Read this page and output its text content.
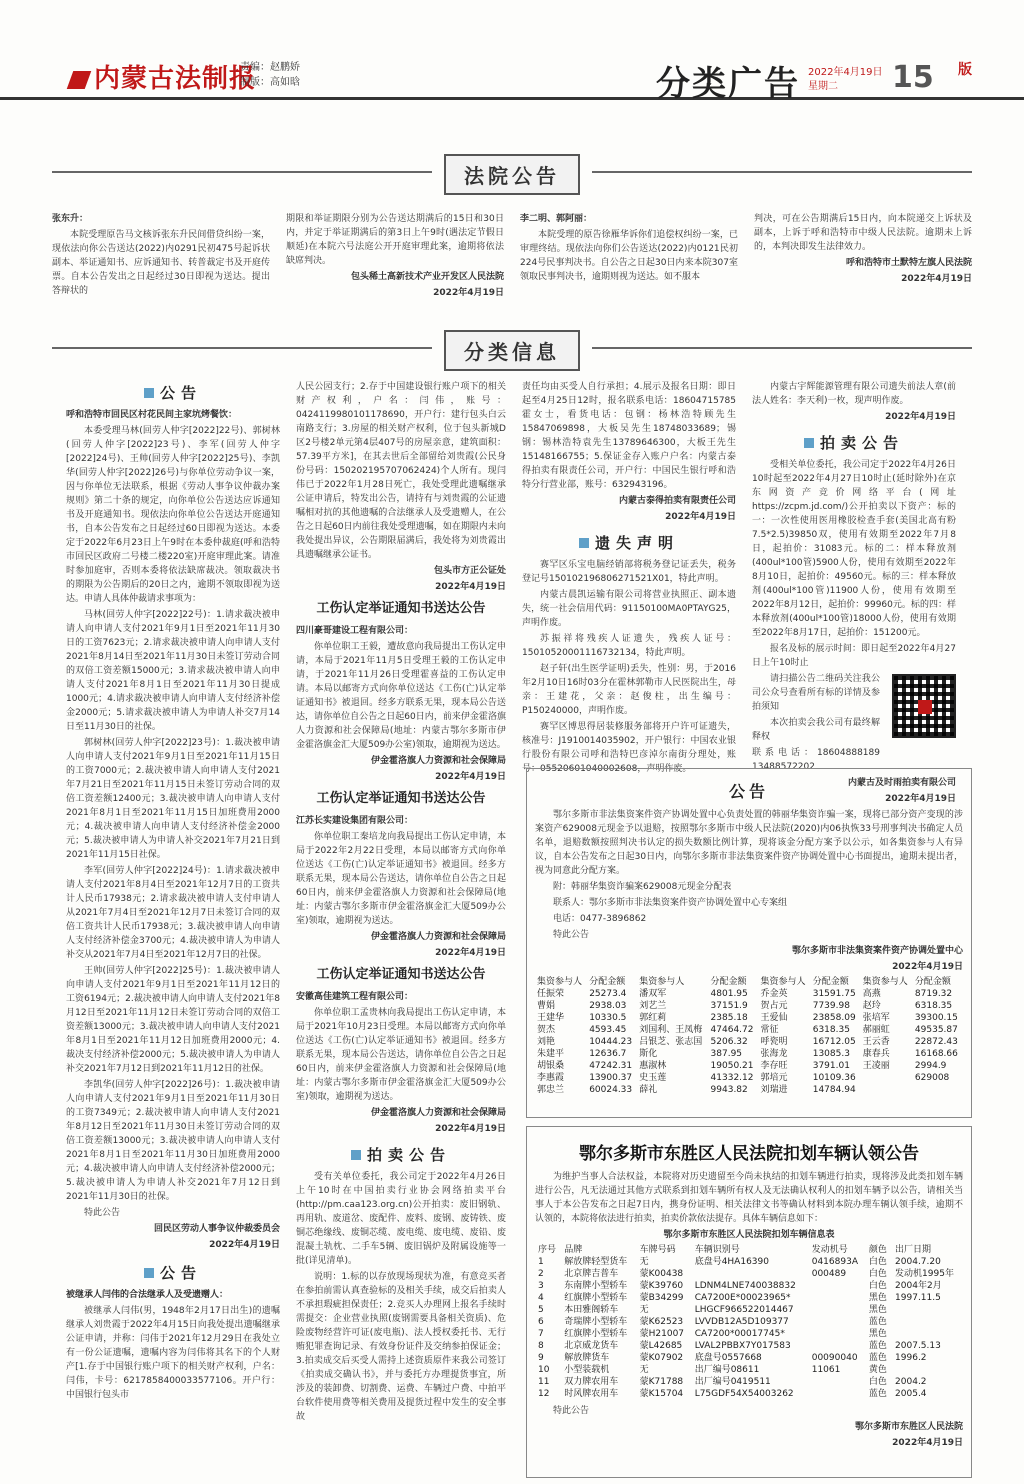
内蒙古法制报
责编：赵鹏娇
制版：高如晗	分类广告 2022年4月19日
星期二	15 版
法院公告

张东升：

本院受理原告马文核诉张东升民间借贷纠纷一案，现依法向你公告送达(2022)内0291民初475号起诉状副本、举证通知书、应诉通知书、转普裁定书及开庭传票。自本公告发出之日起经过30日即视为送达。提出答辩状的

期限和举证期限分别为公告送达期满后的15日和30日内，并定于举证期满后的第3日上午9时(遇法定节假日顺延)在本院六号法庭公开开庭审理此案，逾期将依法缺席判决。

包头稀土高新技术产业开发区人民法院

2022年4月19日

李二明、郭阿丽：

本院受理的原告徐雁华诉你们追偿权纠纷一案，已审理终结。现依法向你们公告送达(2022)内0121民初224号民事判决书。自公告之日起30日内来本院307室领取民事判决书，逾期则视为送达。如不服本

判决，可在公告期满后15日内，向本院递交上诉状及副本，上诉于呼和浩特市中级人民法院。逾期未上诉的，本判决即发生法律效力。

呼和浩特市土默特左旗人民法院

2022年4月19日

分类信息
公告

呼和浩特市回民区村花民间主家坑烤餐饮：

本委受理马林(回劳人仲字[2022]22号)、郭树林(回劳人仲字[2022]23号)、李军(回劳人仲字[2022]24号)、王帅(回劳人仲字[2022]25号)、李凯华(回劳人仲字[2022]26号)与你单位劳动争议一案，因与你单位无法联系，根据《劳动人事争议仲裁办案规则》第二十条的规定，向你单位公告送达应诉通知书及开庭通知书。现依法向你单位公告送达开庭通知书，自本公告发布之日起经过60日即视为送达。本委定于2022年6月23日上午9时在本委仲裁庭(呼和浩特市回民区政府二号楼二楼220室)开庭审理此案。请准时参加庭审，否则本委将依法缺席裁决。领取裁决书的期限为公告期后的20日之内，逾期不领取即视为送达。申请人具体仲裁请求事项为：

马林(回劳人仲字[2022]22号)：1.请求裁决被申请人向申请人支付2021年9月1日至2021年11月30日的工资7623元；2.请求裁决被申请人向申请人支付2021年8月14日至2021年11月30日未签订劳动合同的双倍工资差额15000元；3.请求裁决被申请人向申请人支付2021年8月1日至2021年11月30日提成1000元；4.请求裁决被申请人向申请人支付经济补偿金2000元；5.请求裁决被申请人为申请人补交7月14日至11月30日的社保。

郭树林(回劳人仲字[2022]23号)：1.裁决被申请人向申请人支付2021年9月1日至2021年11月15日的工资7000元；2.裁决被申请人向申请人支付2021年7月21日至2021年11月15日未签订劳动合同的双倍工资差额12400元；3.裁决被申请人向申请人支付2021年8月1日至2021年11月15日加班费用2000元；4.裁决被申请人向申请人支付经济补偿金2000元；5.裁决被申请人为申请人补交2021年7月21日到2021年11月15日社保。

李军(回劳人仲字[2022]24号)：1.请求裁决被申请人支付2021年8月4日至2021年12月7日的工资共计人民币17938元；2.请求裁决被申请人支付申请人从2021年7月4日至2021年12月7日未签订合同的双倍工资共计人民币17938元；3.裁决被申请人向申请人支付经济补偿金3700元；4.裁决被申请人为申请人补交从2021年7月4日至2021年12月7日的社保。

王帅(回劳人仲字[2022]25号)：1.裁决被申请人向申请人支付2021年9月1日至2021年11月12日的工资6194元；2.裁决被申请人向申请人支付2021年8月12日至2021年11月12日未签订劳动合同的双倍工资差额13000元；3.裁决被申请人向申请人支付2021年8月1日至2021年11月12日加班费用2000元；4.裁决支付经济补偿2000元；5.裁决被申请人为申请人补交2021年7月12日到2021年11月12日的社保。

李凯华(回劳人仲字[2022]26号)：1.裁决被申请人向申请人支付2021年9月1日至2021年11月30日的工资7349元；2.裁决被申请人向申请人支付2021年8月12日至2021年11月30日未签订劳动合同的双倍工资差额13000元；3.裁决被申请人向申请人支付2021年8月1日至2021年11月30日加班费用2000元；4.裁决被申请人向申请人支付经济补偿2000元；5.裁决被申请人为申请人补交2021年7月12日到2021年11月30日的社保。

特此公告

回民区劳动人事争议仲裁委员会

2022年4月19日

公告

被继承人闫伟的合法继承人及受遗赠人：

被继承人闫伟(男，1948年2月17日出生)的遗嘱继承人刘贵霞于2022年4月15日向我处提出遗嘱继承公证申请，并称：闫伟于2021年12月29日在我处立有一份公证遗嘱，遗嘱内容为闫伟将其名下的个人财产[1.存于中国银行账户项下的相关财产权利，户名：闫伟，卡号：6217858400033577106。开户行：中国银行包头市

人民公园支行；2.存于中国建设银行账户项下的相关财产权利，户名：闫伟，账号：0424119980101178690，开户行：建行包头白云南路支行；3.房屋的相关财产权利，位于包头新城D区2号楼2单元第4层407号的房屋亲意，建筑面积：57.39平方米]，在其去世后全部留给刘贵霞(公民身份号码：150202195707062424)个人所有。现闫伟已于2022年1月28日死亡，我处受理此遗嘱继承公证申请后，特发出公告，请持有与刘贵霞的公证遗嘱相对抗的其他遗嘱的合法继承人及受遗赠人，在公告之日起60日内前往我处受理遗嘱，如在期限内未向我处提出异议，公告期限届满后，我处将为刘贵霞出具遗嘱继承公证书。

包头市方正公证处

2022年4月19日

工伤认定举证通知书送达公告

四川豪哥建设工程有限公司：

你单位职工王毅，遭故意向我局提出工伤认定申请，本局于2021年11月5日受理王毅的工伤认定申请，于2021年11月26日受理霍喜益的工伤认定申请。本局以邮寄方式向你单位送达《工伤(亡)认定举证通知书》被退回。经多方联系无果，现本局公告送达，请你单位自公告之日起60日内，前来伊金霍洛旗人力资源和社会保障局(地址：内蒙古鄂尔多斯市伊金霍洛旗金汇大厦509办公室)领取，逾期视为送达。

伊金霍洛旗人力资源和社会保障局

2022年4月19日

工伤认定举证通知书送达公告

江苏长实建设集团有限公司：

你单位职工秦培龙向我局提出工伤认定申请，本局于2022年2月22日受理，本局以邮寄方式向你单位送达《工伤(亡)认定举证通知书》被退回。经多方联系无果，现本局公告送达，请你单位自公告之日起60日内，前来伊金霍洛旗人力资源和社会保障局(地址：内蒙古鄂尔多斯市伊金霍洛旗金汇大厦509办公室)领取，逾期视为送达。

伊金霍洛旗人力资源和社会保障局

2022年4月19日

工伤认定举证通知书送达公告

安徽高佳建筑工程有限公司：

你单位职工孟贵林向我局提出工伤认定申请，本局于2021年10月23日受理。本局以邮寄方式向你单位送达《工伤(亡)认定举证通知书》被退回。经多方联系无果，现本局公告送达，请你单位自公告之日起60日内，前来伊金霍洛旗人力资源和社会保障局(地址：内蒙古鄂尔多斯市伊金霍洛旗金汇大厦509办公室)领取，逾期视为送达。

伊金霍洛旗人力资源和社会保障局

2022年4月19日

拍卖公告

受有关单位委托，我公司定于2022年4月26日上午10时在中国拍卖行业协会网络拍卖平台(http://pm.caa123.org.cn)公开拍卖：废旧钢轨、再用轨、废道岔、废配件、废料、废钢、废铸铁、废铜芯绝缘线、废铜芯缆、废电缆、废电缆、废铅、废混凝土轨枕、二手车5辆、废旧锅炉及附属设施等一批(详见清单)。

说明：1.标的以存放现场现状为准，有意竞买者在参拍前需认真查验标的及相关手续，成交后拍卖人不承担瑕疵担保责任；2.竞买人办理网上报名手续时需提交：企业营业执照(废钢需要具备相关资质)、危险废物经营许可证(废电瓶)、法人授权委托书、无行贿犯罪查询记录、有效身份证件及交纳参拍保证金；3.拍卖成交后买受人需持上述资质原件来我公司签订《拍卖成交确认书》，并与委托方办理提货事宜，所涉及的装卸费、切割费、运费、车辆过户费、中拍平台软件使用费等相关费用及提货过程中发生的安全事故

责任均由买受人自行承担；4.展示及报名日期：即日起至4月25日12时，报名联系电话：18604715785霍女士，看货电话：包钢：杨林浩特顾先生15847069898，大板吴先生18748033689；锡钢：锡林浩特袁先生13789646300，大板王先生15148166755；5.保证金存入账户户名：内蒙古泰得拍卖有限责任公司，开户行：中国民生银行呼和浩特分行营业部，账号：632943196。

内蒙古泰得拍卖有限责任公司

2022年4月19日

遗失声明

赛罕区乐宝电脑经销部将税务登记证丢失，税务登记号150102196806271521X01，特此声明。

内蒙古晨凯运输有限公司将营业执照正、副本遗失，统一社会信用代码：91150100MA0PTAYG25，声明作废。

苏振祥将残疾人证遗失，残疾人证号：15010520001116732134，特此声明。

赵子轩(出生医学证明)丢失，性别：男，于2016年2月10日16时03分在霍林郭勒市人民医院出生，母亲：王建花，父亲：赵俊柱，出生编号：P150240000，声明作废。

赛罕区博思得居装修服务部将开户许可证遗失，核准号：J1910014035902，开户银行：中国农业银行股份有限公司呼和浩特巴彦淖尔南街分理处，账号：05520601040002608，声明作废。

内蒙古宇辉能源管理有限公司遗失前法人章(前法人姓名：李天利)一枚，现声明作废。

2022年4月19日

拍卖公告

受相关单位委托，我公司定于2022年4月26日10时起至2022年4月27日10时止(延时除外)在京东网资产竞价网络平台(网址https://zcpm.jd.com/)公开拍卖以下资产：标的一：一次性使用医用橡胶检查手套(美国北高有粉7.5*2.5)39850双，使用有效期至2022年7月8日，起拍价：31083元。标的二：样本释放剂(400ul*100管)5900人份，使用有效期至2022年8月10日，起拍价：49560元。标的三：样本释放剂(400ul*100管)11900人份，使用有效期至2022年8月12日，起拍价：99960元。标的四：样本释放剂(400ul*100管)18000人份，使用有效期至2022年8月17日，起拍价：151200元。

报名及标的展示时间：即日起至2022年4月27日上午10时止

请扫描公告二维码关注我公司公众号查看所有标的详情及参拍须知

本次拍卖会我公司有最终解释权

联系电话：18604888189 13488572202

内蒙古及时雨拍卖有限公司

2022年4月19日

公告

鄂尔多斯市非法集资案件资产协调处置中心负责处置的韩丽华集资诈骗一案，现将已部分资产变现的涉案资产629008元现金予以退赔，按照鄂尔多斯市中级人民法院(2020)内06执恢33号刑事判决书确定人员名单，退赔数额按照判决书认定的损失数额比例计算，现将该金分配方案予以公示，如各集资参与人有异议，自本公告发布之日起30日内，向鄂尔多斯市非法集资案件资产协调处置中心书面提出，逾期未提出者，视为同意此分配方案。

附：韩丽华集资诈骗案629008元现金分配表

联系人：鄂尔多斯市非法集资案件资产协调处置中心专案组

电话：0477-3896862

特此公告

鄂尔多斯市非法集资案件资产协调处置中心

2022年4月19日

集资参与人	分配金额	集资参与人	分配金额	集资参与人	分配金额	集资参与人	分配金额
任振荣	25273.4	潘双军	4801.95	乔金英	31591.75	高燕	8719.32
曹娟	2938.03	刘艺兰	37151.9	贺占元	7739.98	赵玲	6318.35
王建华	10330.5	郭红莉	2385.18	王爱仙	23858.09	张培军	39300.15
贺杰	4593.45	刘国利、王凤梅	47464.72	常征	6318.35	郝丽虹	49535.87
刘艳	10444.23	吕银芝、张志国	5206.32	呼瓷明	16712.05	王云香	22872.43
朱建平	12636.7	斯化	387.95	张海龙	13085.3	康春兵	16168.66
胡银桑	47242.31	惠淑林	19050.21	李存旺	3791.01	王凌丽	2994.9
李惠霞	13900.37	史玉莲	41332.12	郭培元	10109.36		629008
郭忠兰	60024.33	薛礼	9943.82	刘瑞进	14784.94		
鄂尔多斯市东胜区人民法院扣划车辆认领公告

为维护当事人合法权益，本院将对历史遗留至今尚未执结的扣划车辆进行拍卖，现将涉及此类扣划车辆进行公告，凡无法通过其他方式联系到扣划车辆所有权人及无法确认权利人的扣划车辆予以公告，请相关当事人于本公告发布之日起7日内，携身份证明、相关法律文书等确认材料到本院办理车辆认领手续，逾期不认领的，本院将依法进行拍卖，拍卖价款依法提存。具体车辆信息如下：

鄂尔多斯市东胜区人民法院扣划车辆信息表

序号	品牌	车牌号码	车辆识别号	发动机号	颜色	出厂日期
1	解放牌轻型货车	无	底盘号4HA16390	0416893A	白色	2004.7.20
2	北京牌吉普车	蒙K00438		000489	白色	发动机1995年
3	东南牌小型轿车	蒙K39760	LDNM4LNE740038832		白色	2004年2月
4	红旗牌小型轿车	蒙B34299	CA7200E*00023965*		黑色	1997.11.5
5	本田雅阁轿车	无	LHGCF966522014467		黑色	
6	奇瑞牌小型轿车	蒙K62523	LVVDB12A5D109377		蓝色	
7	红旗牌小型轿车	蒙H21007	CA7200*00017745*		黑色	
8	北京威龙货车	蒙L42685	LVAL2PBBX7Y017583		蓝色	2007.5.13
9	解放牌货车	蒙K07902	底盘号0557668	00090040	蓝色	1996.2
10	小型装载机	无	出厂编号08611	11061	黄色	
11	双力牌农用车	蒙K71788	出厂编号0419511		白色	2004.2
12	时风牌农用车	蒙K15704	L75GDF54X54003262		蓝色	2005.4

特此公告

鄂尔多斯市东胜区人民法院

2022年4月19日
